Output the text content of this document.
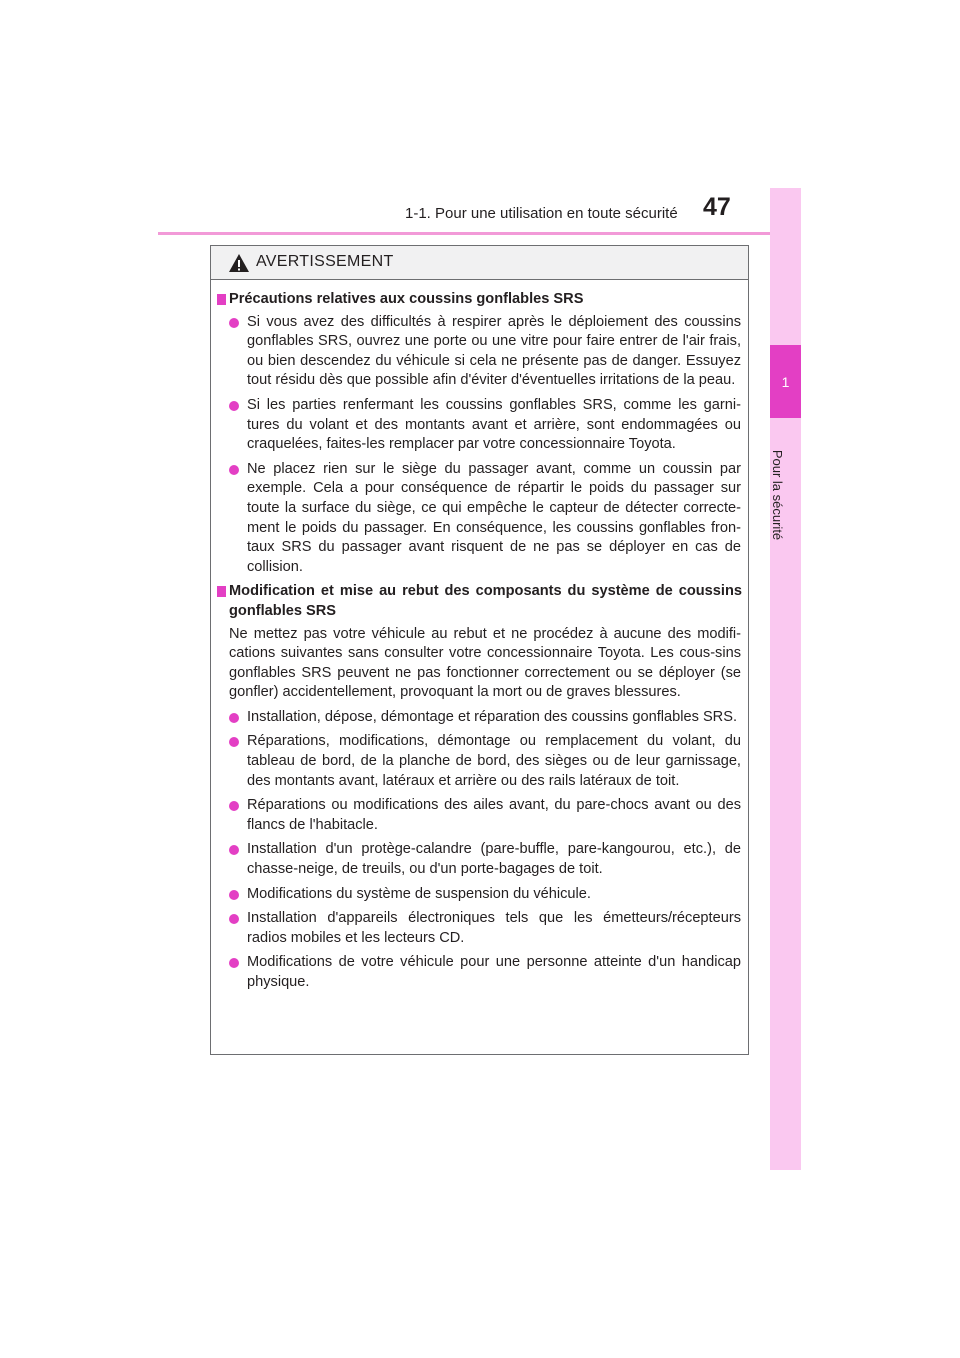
1-1. Pour une utilisation en toute sécurité 47
1
Pour la sécurité
AVERTISSEMENT
Précautions relatives aux coussins gonflables SRS
Si vous avez des difficultés à respirer après le déploiement des coussins gonflables SRS, ouvrez une porte ou une vitre pour faire entrer de l'air frais, ou bien descendez du véhicule si cela ne présente pas de danger. Essuyez tout résidu dès que possible afin d'éviter d'éventuelles irritations de la peau.
Si les parties renfermant les coussins gonflables SRS, comme les garni-tures du volant et des montants avant et arrière, sont endommagées ou craquelées, faites-les remplacer par votre concessionnaire Toyota.
Ne placez rien sur le siège du passager avant, comme un coussin par exemple. Cela a pour conséquence de répartir le poids du passager sur toute la surface du siège, ce qui empêche le capteur de détecter correcte-ment le poids du passager. En conséquence, les coussins gonflables fron-taux SRS du passager avant risquent de ne pas se déployer en cas de collision.
Modification et mise au rebut des composants du système de coussins gonflables SRS
Ne mettez pas votre véhicule au rebut et ne procédez à aucune des modifi-cations suivantes sans consulter votre concessionnaire Toyota. Les cous-sins gonflables SRS peuvent ne pas fonctionner correctement ou se déployer (se gonfler) accidentellement, provoquant la mort ou de graves blessures.
Installation, dépose, démontage et réparation des coussins gonflables SRS.
Réparations, modifications, démontage ou remplacement du volant, du tableau de bord, de la planche de bord, des sièges ou de leur garnissage, des montants avant, latéraux et arrière ou des rails latéraux de toit.
Réparations ou modifications des ailes avant, du pare-chocs avant ou des flancs de l'habitacle.
Installation d'un protège-calandre (pare-buffle, pare-kangourou, etc.), de chasse-neige, de treuils, ou d'un porte-bagages de toit.
Modifications du système de suspension du véhicule.
Installation d'appareils électroniques tels que les émetteurs/récepteurs radios mobiles et les lecteurs CD.
Modifications de votre véhicule pour une personne atteinte d'un handicap physique.
